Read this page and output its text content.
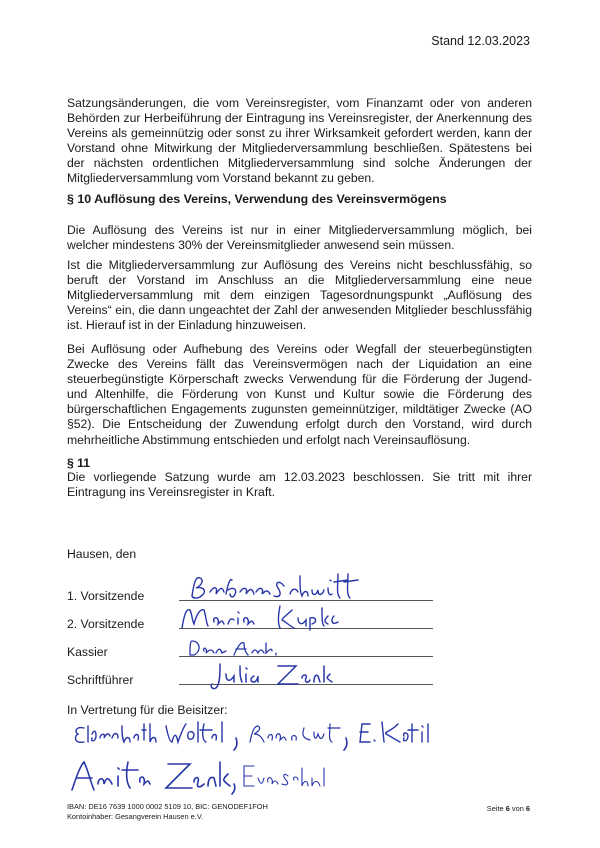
Stand 12.03.2023
Satzungsänderungen, die vom Vereinsregister, vom Finanzamt oder von anderen Behörden zur Herbeiführung der Eintragung ins Vereinsregister, der Anerkennung des Vereins als gemeinnützig oder sonst zu ihrer Wirksamkeit gefordert werden, kann der Vorstand ohne Mitwirkung der Mitgliederversammlung beschließen. Spätestens bei der nächsten ordentlichen Mitgliederversammlung sind solche Änderungen der Mitgliederversammlung vom Vorstand bekannt zu geben.
§ 10 Auflösung des Vereins, Verwendung des Vereinsvermögens
Die Auflösung des Vereins ist nur in einer Mitgliederversammlung möglich, bei welcher mindestens 30% der Vereinsmitglieder anwesend sein müssen.
Ist die Mitgliederversammlung zur Auflösung des Vereins nicht beschlussfähig, so beruft der Vorstand im Anschluss an die Mitgliederversammlung eine neue Mitgliederversammlung mit dem einzigen Tagesordnungspunkt „Auflösung des Vereins“ ein, die dann ungeachtet der Zahl der anwesenden Mitglieder beschlussfähig ist. Hierauf ist in der Einladung hinzuweisen.
Bei Auflösung oder Aufhebung des Vereins oder Wegfall der steuerbegünstigten Zwecke des Vereins fällt das Vereinsvermögen nach der Liquidation an eine steuerbegünstigte Körperschaft zwecks Verwendung für die Förderung der Jugend- und Altenhilfe, die Förderung von Kunst und Kultur sowie die Förderung des bürgerschaftlichen Engagements zugunsten gemeinnütziger, mildtätiger Zwecke (AO §52). Die Entscheidung der Zuwendung erfolgt durch den Vorstand, wird durch mehrheitliche Abstimmung entschieden und erfolgt nach Vereinsauflösung.
§ 11
Die vorliegende Satzung wurde am 12.03.2023 beschlossen. Sie tritt mit ihrer Eintragung ins Vereinsregister in Kraft.
Hausen, den
1. Vorsitzende
2. Vorsitzende
Kassier
Schriftführer
In Vertretung für die Beisitzer:
IBAN: DE16 7639 1000 0002 5109 10, BIC: GENODEF1FOH
Kontoinhaber: Gesangverein Hausen e.V.
Seite 6 von 6
